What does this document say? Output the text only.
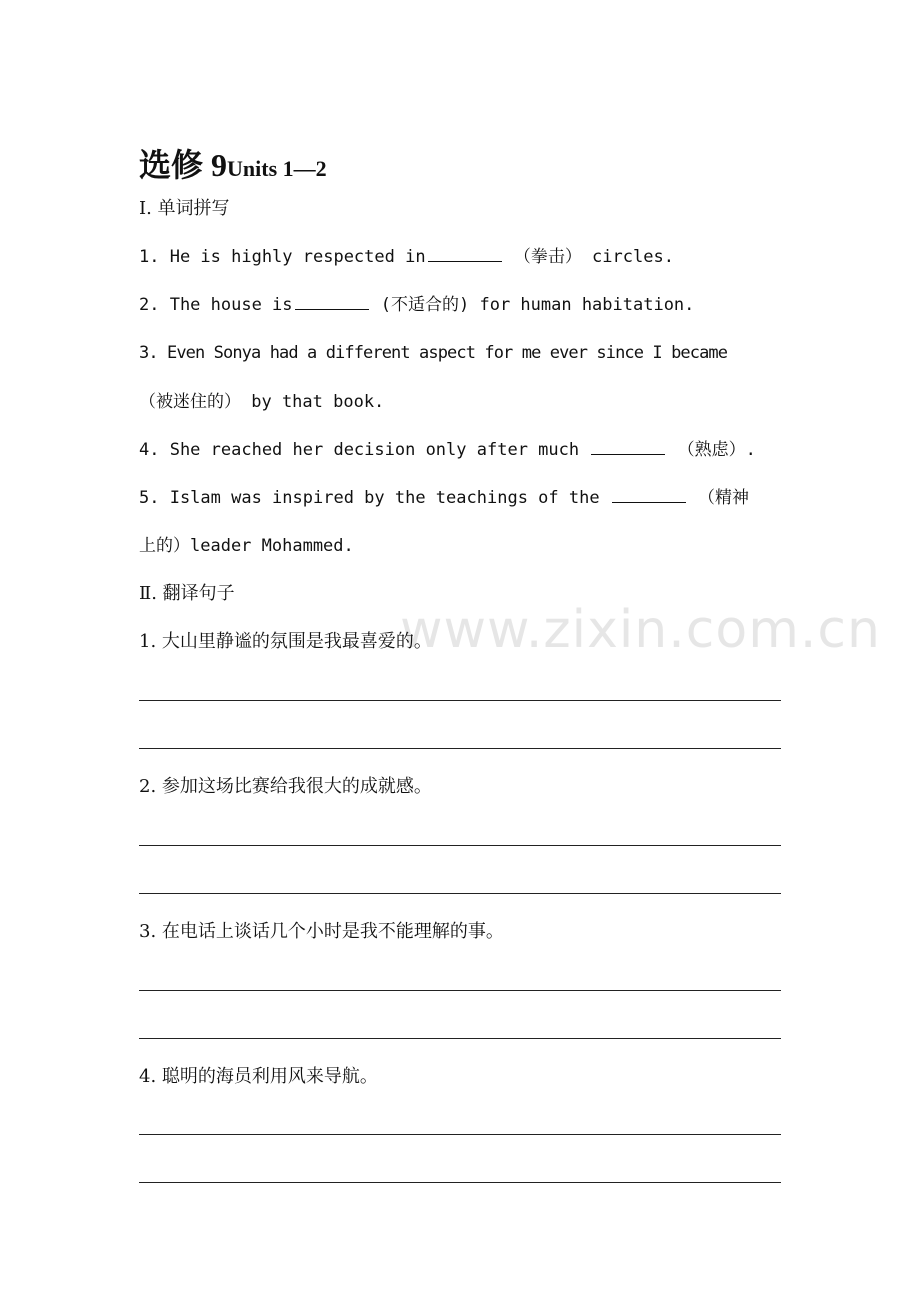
www.zixin.com.cn
选修 9Units 1—2
Ⅰ. 单词拼写
1. He is highly respected in	（拳击） circles.
2. The house is	(不适合的) for human habitation.
3. Even Sonya had a different aspect for me ever since I became
（被迷住的） by that book.
4. She reached her decision only after much	（熟虑）.
5. Islam was inspired by the teachings of the	（精神
上的）leader Mohammed.
Ⅱ. 翻译句子
1. 大山里静谧的氛围是我最喜爱的。
2. 参加这场比赛给我很大的成就感。
3. 在电话上谈话几个小时是我不能理解的事。
4. 聪明的海员利用风来导航。
